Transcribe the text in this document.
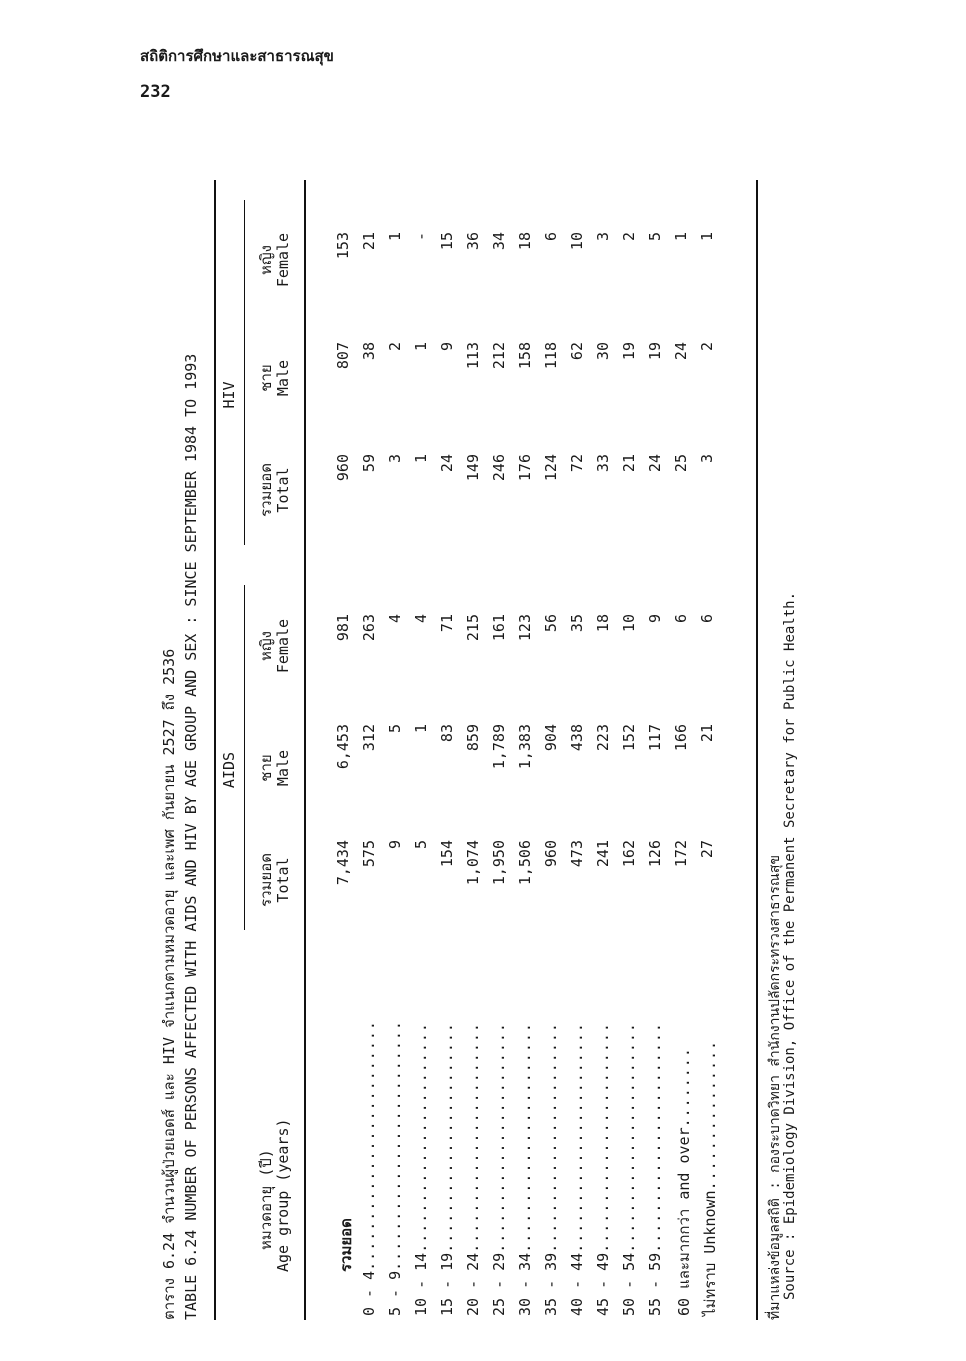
สถิติการศึกษาและสาธารณสุข
232
ตาราง 6.24 จำนวนผู้ป่วยเอดส์ และ HIV จำแนกตามหมวดอายุ และเพศ กันยายน 2527 ถึง 2536 TABLE 6.24 NUMBER OF PERSONS AFFECTED WITH AIDS AND HIV BY AGE GROUP AND SEX : SINCE SEPTEMBER 1984 TO 1993	หมวดอายุ (ปี) Age group (years)
AIDS
HIV
รวมยอด Total
ชาย Male
หญิง Female
รวมยอด Total
ชาย Male
หญิง Female
รวมยอด
7,434
6,453
981
960
807
153
0 - 4.........................
575
312
263
59
38
21
5 - 9.........................
9
5
4
3
2
1
10 - 14.......................
5
1
4
1
1
-
15 - 19.......................
154
83
71
24
9
15
20 - 24.......................
1,074
859
215
149
113
36
25 - 29.......................
1,950
1,789
161
246
212
34
30 - 34.......................
1,506
1,383
123
176
158
18
35 - 39.......................
960
904
56
124
118
6
40 - 44.......................
473
438
35
72
62
10
45 - 49.......................
241
223
18
33
30
3
50 - 54.......................
162
152
10
21
19
2
55 - 59.......................
126
117
9
24
19
5
60 และมากกว่า and over........
172
166
6
25
24
1
ไม่ทราบ Unknown...............
27
21
6
3
2
1
ที่มาแหล่งข้อมูลสถิติ : กองระบาดวิทยา สำนักงานปลัดกระทรวงสาธารณสุข Source : Epidemiology Division, Office of the Permanent Secretary for Public Health.
